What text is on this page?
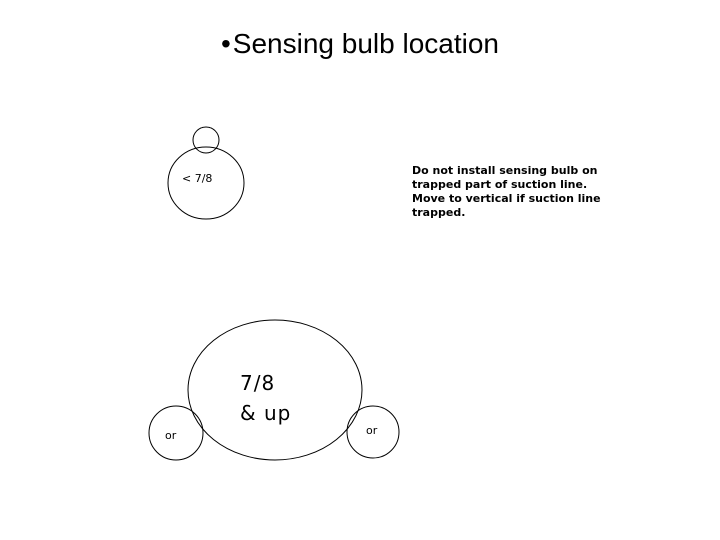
•Sensing bulb location
< 7/8
7/8
& up
or	or
Do not install sensing bulb on trapped part of suction line. Move to vertical if suction line trapped.
